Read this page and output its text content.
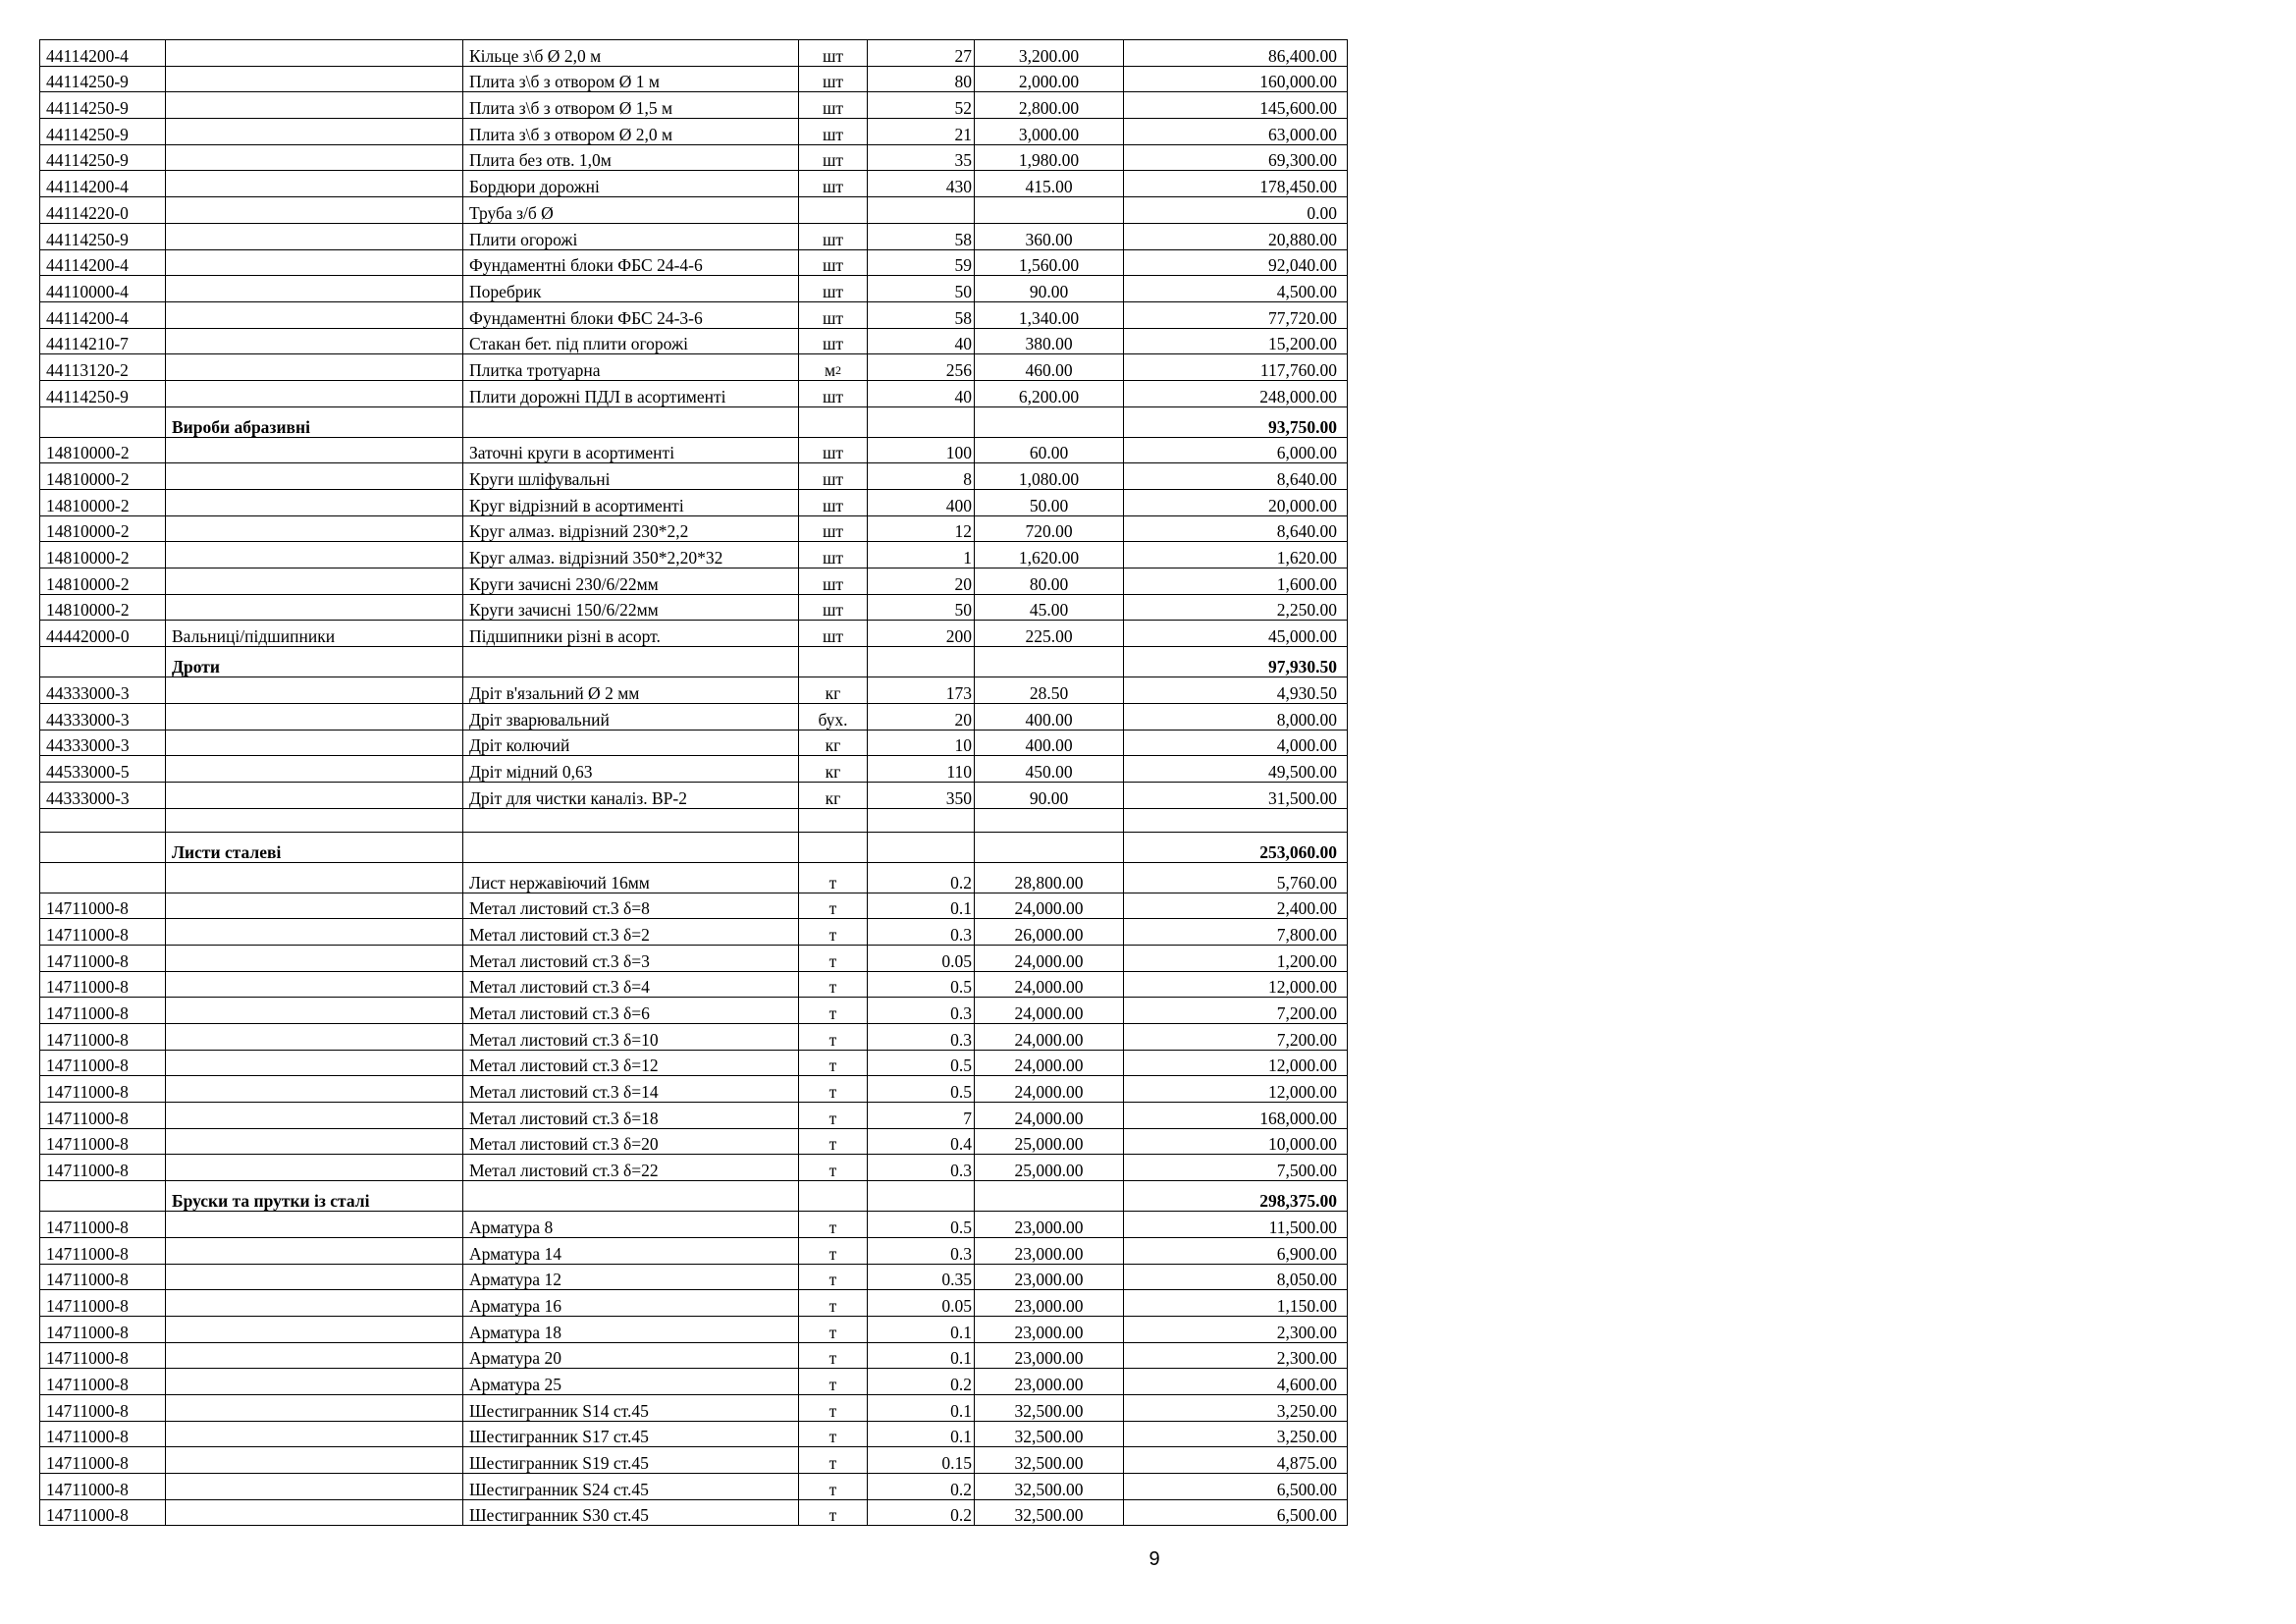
44114200-4		Кільце з\б Ø 2,0 м	шт	27	3,200.00	86,400.00
44114250-9		Плита з\б з отвором Ø 1 м	шт	80	2,000.00	160,000.00
44114250-9		Плита з\б з отвором Ø 1,5 м	шт	52	2,800.00	145,600.00
44114250-9		Плита з\б з отвором Ø 2,0 м	шт	21	3,000.00	63,000.00
44114250-9		Плита без отв. 1,0м	шт	35	1,980.00	69,300.00
44114200-4		Бордюри дорожні	шт	430	415.00	178,450.00
44114220-0		Труба з/б Ø				0.00
44114250-9		Плити огорожі	шт	58	360.00	20,880.00
44114200-4		Фундаментні блоки ФБС 24-4-6	шт	59	1,560.00	92,040.00
44110000-4		Поребрик	шт	50	90.00	4,500.00
44114200-4		Фундаментні блоки ФБС 24-3-6	шт	58	1,340.00	77,720.00
44114210-7		Стакан бет. під плити огорожі	шт	40	380.00	15,200.00
44113120-2		Плитка тротуарна	$м^2$	256	460.00	117,760.00
44114250-9		Плити дорожні ПДЛ в асортименті	шт	40	6,200.00	248,000.00
	Вироби абразивні					93,750.00
14810000-2		Заточні круги в асортименті	шт	100	60.00	6,000.00
14810000-2		Круги шліфувальні	шт	8	1,080.00	8,640.00
14810000-2		Круг відрізний в асортименті	шт	400	50.00	20,000.00
14810000-2		Круг алмаз. відрізний 230*2,2	шт	12	720.00	8,640.00
14810000-2		Круг алмаз. відрізний 350*2,20*32	шт	1	1,620.00	1,620.00
14810000-2		Круги зачисні 230/6/22мм	шт	20	80.00	1,600.00
14810000-2		Круги зачисні 150/6/22мм	шт	50	45.00	2,250.00
44442000-0	Вальниці/підшипники	Підшипники різні в асорт.	шт	200	225.00	45,000.00
	Дроти					97,930.50
44333000-3		Дріт в'язальний Ø 2 мм	кг	173	28.50	4,930.50
44333000-3		Дріт зварювальний	бух.	20	400.00	8,000.00
44333000-3		Дріт колючий	кг	10	400.00	4,000.00
44533000-5		Дріт мідний 0,63	кг	110	450.00	49,500.00
44333000-3		Дріт для чистки каналіз. ВР-2	кг	350	90.00	31,500.00

	Листи сталеві					253,060.00
		Лист нержавіючий 16мм	т	0.2	28,800.00	5,760.00
14711000-8		Метал листовий ст.3 δ=8	т	0.1	24,000.00	2,400.00
14711000-8		Метал листовий ст.3 δ=2	т	0.3	26,000.00	7,800.00
14711000-8		Метал листовий ст.3 δ=3	т	0.05	24,000.00	1,200.00
14711000-8		Метал листовий ст.3 δ=4	т	0.5	24,000.00	12,000.00
14711000-8		Метал листовий ст.3 δ=6	т	0.3	24,000.00	7,200.00
14711000-8		Метал листовий ст.3 δ=10	т	0.3	24,000.00	7,200.00
14711000-8		Метал листовий ст.3 δ=12	т	0.5	24,000.00	12,000.00
14711000-8		Метал листовий ст.3 δ=14	т	0.5	24,000.00	12,000.00
14711000-8		Метал листовий ст.3 δ=18	т	7	24,000.00	168,000.00
14711000-8		Метал листовий ст.3 δ=20	т	0.4	25,000.00	10,000.00
14711000-8		Метал листовий ст.3 δ=22	т	0.3	25,000.00	7,500.00
	Бруски та прутки із сталі					298,375.00
14711000-8		Арматура 8	т	0.5	23,000.00	11,500.00
14711000-8		Арматура 14	т	0.3	23,000.00	6,900.00
14711000-8		Арматура 12	т	0.35	23,000.00	8,050.00
14711000-8		Арматура 16	т	0.05	23,000.00	1,150.00
14711000-8		Арматура 18	т	0.1	23,000.00	2,300.00
14711000-8		Арматура 20	т	0.1	23,000.00	2,300.00
14711000-8		Арматура 25	т	0.2	23,000.00	4,600.00
14711000-8		Шестигранник S14 ст.45	т	0.1	32,500.00	3,250.00
14711000-8		Шестигранник S17 ст.45	т	0.1	32,500.00	3,250.00
14711000-8		Шестигранник S19 ст.45	т	0.15	32,500.00	4,875.00
14711000-8		Шестигранник S24 ст.45	т	0.2	32,500.00	6,500.00
14711000-8		Шестигранник S30 ст.45	т	0.2	32,500.00	6,500.00
9
